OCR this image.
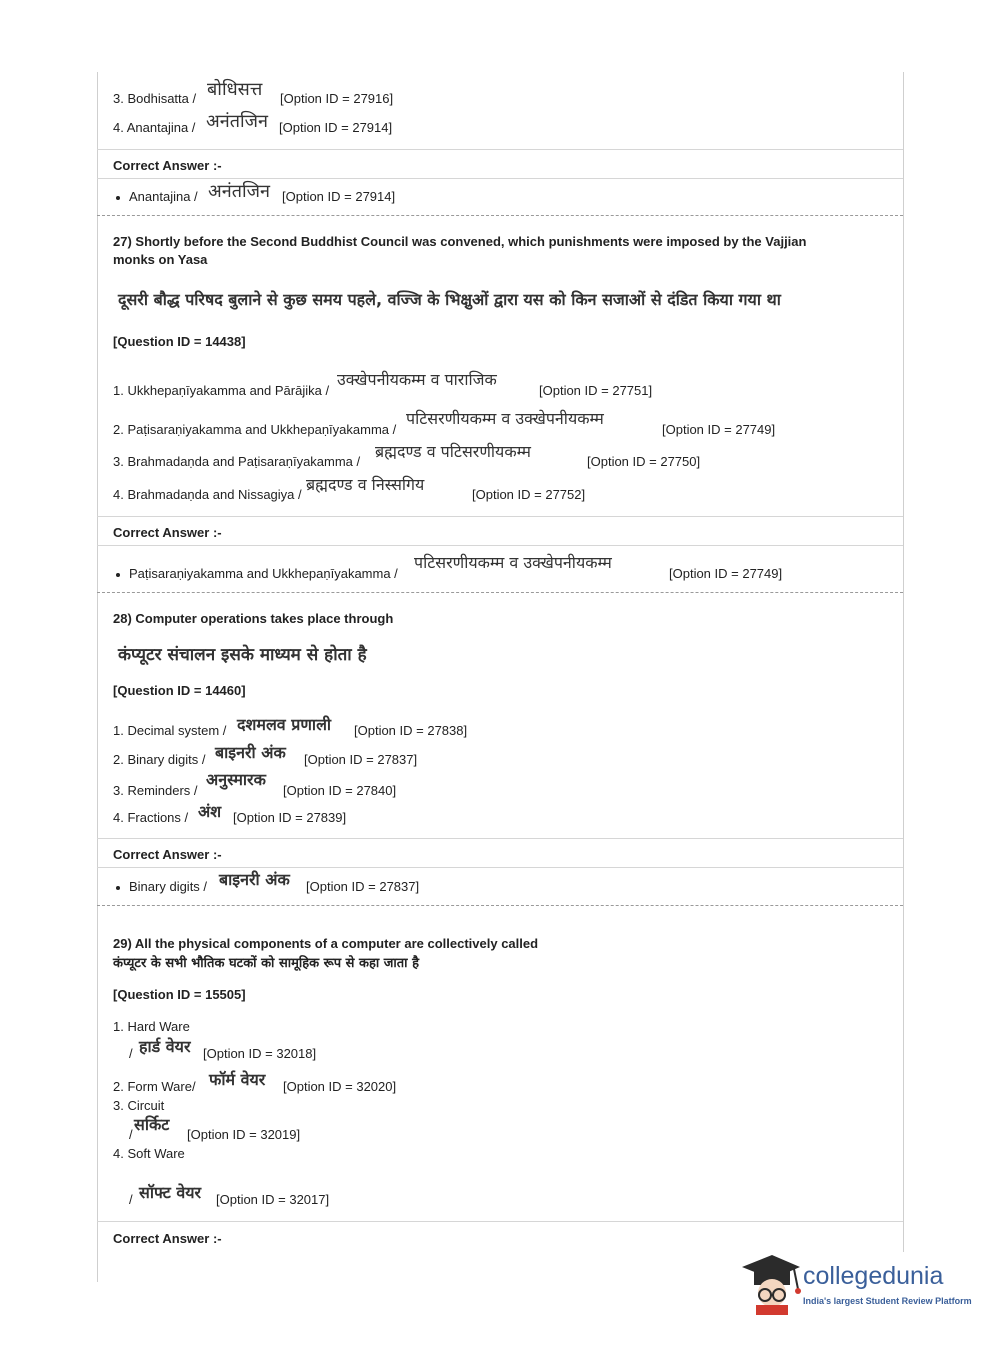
3. Bodhisatta / बोधिसत्त [Option ID = 27916]
4. Anantajina / अनंतजिन [Option ID = 27914]
Correct Answer :-
Anantajina / अनंतजिन [Option ID = 27914]
27) Shortly before the Second Buddhist Council was convened, which punishments were imposed by the Vajjian
monks on Yasa
दूसरी बौद्ध परिषद बुलाने से कुछ समय पहले, वज्जि के भिक्षुओं द्वारा यस को किन सजाओं से दंडित किया गया था
[Question ID = 14438]
1. Ukkhepaṇīyakamma and Pārājika /
उक्खेपनीयकम्म व पाराजिक
[Option ID = 27751]
2. Paṭisaraṇiyakamma and Ukkhepaṇīyakamma /
पटिसरणीयकम्म व उक्खेपनीयकम्म
[Option ID = 27749]
3. Brahmadaṇda and Paṭisaraṇīyakamma /
ब्रह्मदण्ड व पटिसरणीयकम्म
[Option ID = 27750]
4. Brahmadaṇda and Nissagiya /
ब्रह्मदण्ड व निस्सगिय
[Option ID = 27752]
Correct Answer :-
Paṭisaraṇiyakamma and Ukkhepaṇīyakamma /
पटिसरणीयकम्म व उक्खेपनीयकम्म
[Option ID = 27749]
28) Computer operations takes place through
कंप्यूटर संचालन इसके माध्यम से होता है
[Question ID = 14460]
1. Decimal system / दशमलव प्रणाली [Option ID = 27838]
2. Binary digits / बाइनरी अंक [Option ID = 27837]
3. Reminders /
अनुस्मारक
[Option ID = 27840]
4. Fractions / अंश [Option ID = 27839]
Correct Answer :-
Binary digits / बाइनरी अंक [Option ID = 27837]
29) All the physical components of a computer are collectively called
कंप्यूटर के सभी भौतिक घटकों को सामूहिक रूप से कहा जाता है
[Question ID = 15505]
1. Hard Ware
/ हार्ड वेयर [Option ID = 32018]
2. Form Ware/ फॉर्म वेयर [Option ID = 32020]
3. Circuit
/
सर्किट
[Option ID = 32019]
4. Soft Ware
/ सॉफ्ट वेयर [Option ID = 32017]
Correct Answer :-
collegedunia
India's largest Student Review Platform
